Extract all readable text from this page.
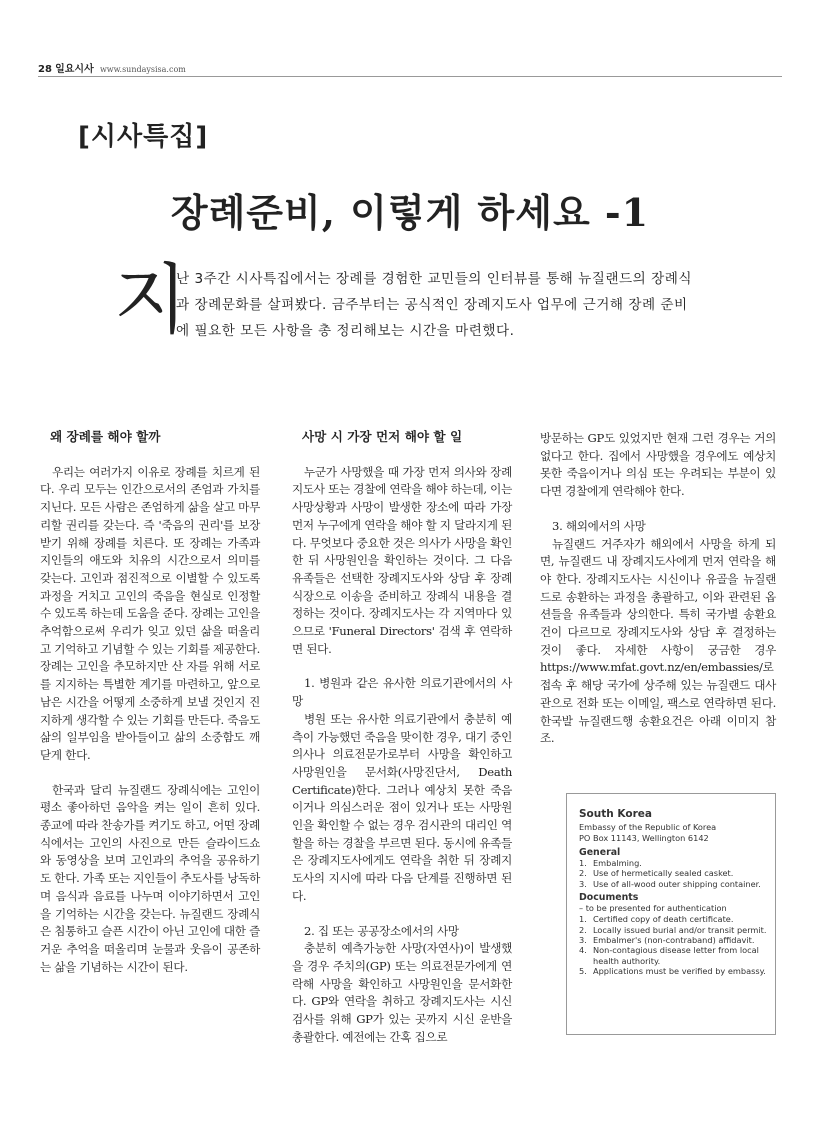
28 일요시사 www.sundaysisa.com
[시사특집]
장례준비, 이렇게 하세요 -1
지
난 3주간 시사특집에서는 장례를 경험한 교민들의 인터뷰를 통해 뉴질랜드의 장례식과 장례문화를 살펴봤다. 금주부터는 공식적인 장례지도사 업무에 근거해 장례 준비에 필요한 모든 사항을 총 정리해보는 시간을 마련했다.
왜 장례를 해야 할까

우리는 여러가지 이유로 장례를 치르게 된다. 우리 모두는 인간으로서의 존엄과 가치를 지닌다. 모든 사람은 존엄하게 삶을 살고 마무리할 권리를 갖는다. 즉 '죽음의 권리'를 보장받기 위해 장례를 치른다. 또 장례는 가족과 지인들의 애도와 치유의 시간으로서 의미를 갖는다. 고인과 점진적으로 이별할 수 있도록 과정을 거치고 고인의 죽음을 현실로 인정할 수 있도록 하는데 도움을 준다. 장례는 고인을 추억함으로써 우리가 잊고 있던 삶을 떠올리고 기억하고 기념할 수 있는 기회를 제공한다. 장례는 고인을 추모하지만 산 자를 위해 서로를 지지하는 특별한 계기를 마련하고, 앞으로 남은 시간을 어떻게 소중하게 보낼 것인지 진지하게 생각할 수 있는 기회를 만든다. 죽음도 삶의 일부임을 받아들이고 삶의 소중함도 깨닫게 한다.

한국과 달리 뉴질랜드 장례식에는 고인이 평소 좋아하던 음악을 켜는 일이 흔히 있다. 종교에 따라 찬송가를 켜기도 하고, 어떤 장례식에서는 고인의 사진으로 만든 슬라이드쇼와 동영상을 보며 고인과의 추억을 공유하기도 한다. 가족 또는 지인들이 추도사를 낭독하며 음식과 음료를 나누며 이야기하면서 고인을 기억하는 시간을 갖는다. 뉴질랜드 장례식은 침통하고 슬픈 시간이 아닌 고인에 대한 즐거운 추억을 떠올리며 눈물과 웃음이 공존하는 삶을 기념하는 시간이 된다.

사망 시 가장 먼저 해야 할 일

누군가 사망했을 때 가장 먼저 의사와 장례지도사 또는 경찰에 연락을 해야 하는데, 이는 사망상황과 사망이 발생한 장소에 따라 가장 먼저 누구에게 연락을 해야 할 지 달라지게 된다. 무엇보다 중요한 것은 의사가 사망을 확인한 뒤 사망원인을 확인하는 것이다. 그 다음 유족들은 선택한 장례지도사와 상담 후 장례식장으로 이송을 준비하고 장례식 내용을 결정하는 것이다. 장례지도사는 각 지역마다 있으므로 'Funeral Directors' 검색 후 연락하면 된다.

1. 병원과 같은 유사한 의료기관에서의 사망

병원 또는 유사한 의료기관에서 충분히 예측이 가능했던 죽음을 맞이한 경우, 대기 중인 의사나 의료전문가로부터 사망을 확인하고 사망원인을 문서화(사망진단서, Death Certificate)한다. 그러나 예상치 못한 죽음이거나 의심스러운 점이 있거나 또는 사망원인을 확인할 수 없는 경우 검시관의 대리인 역할을 하는 경찰을 부르면 된다. 동시에 유족들은 장례지도사에게도 연락을 취한 뒤 장례지도사의 지시에 따라 다음 단계를 진행하면 된다.

2. 집 또는 공공장소에서의 사망

충분히 예측가능한 사망(자연사)이 발생했을 경우 주치의(GP) 또는 의료전문가에게 연락해 사망을 확인하고 사망원인을 문서화한다. GP와 연락을 취하고 장례지도사는 시신검사를 위해 GP가 있는 곳까지 시신 운반을 총괄한다. 예전에는 간혹 집으로

방문하는 GP도 있었지만 현재 그런 경우는 거의 없다고 한다. 집에서 사망했을 경우에도 예상치 못한 죽음이거나 의심 또는 우려되는 부분이 있다면 경찰에게 연락해야 한다.

3. 해외에서의 사망

뉴질랜드 거주자가 해외에서 사망을 하게 되면, 뉴질랜드 내 장례지도사에게 먼저 연락을 해야 한다. 장례지도사는 시신이나 유골을 뉴질랜드로 송환하는 과정을 총괄하고, 이와 관련된 옵션들을 유족들과 상의한다. 특히 국가별 송환요건이 다르므로 장례지도사와 상담 후 결정하는 것이 좋다. 자세한 사항이 궁금한 경우 https://www.mfat.govt.nz/en/embassies/로 접속 후 해당 국가에 상주해 있는 뉴질랜드 대사관으로 전화 또는 이메일, 팩스로 연락하면 된다. 한국발 뉴질랜드행 송환요건은 아래 이미지 참조.

South Korea
Embassy of the Republic of Korea
PO Box 11143, Wellington 6142
General
1. Embalming.
2. Use of hermetically sealed casket.
3. Use of all-wood outer shipping container.
Documents
– to be presented for authentication
1. Certified copy of death certificate.
2. Locally issued burial and/or transit permit.
3. Embalmer's (non-contraband) affidavit.
4. Non-contagious disease letter from local health authority.
5. Applications must be verified by embassy.
